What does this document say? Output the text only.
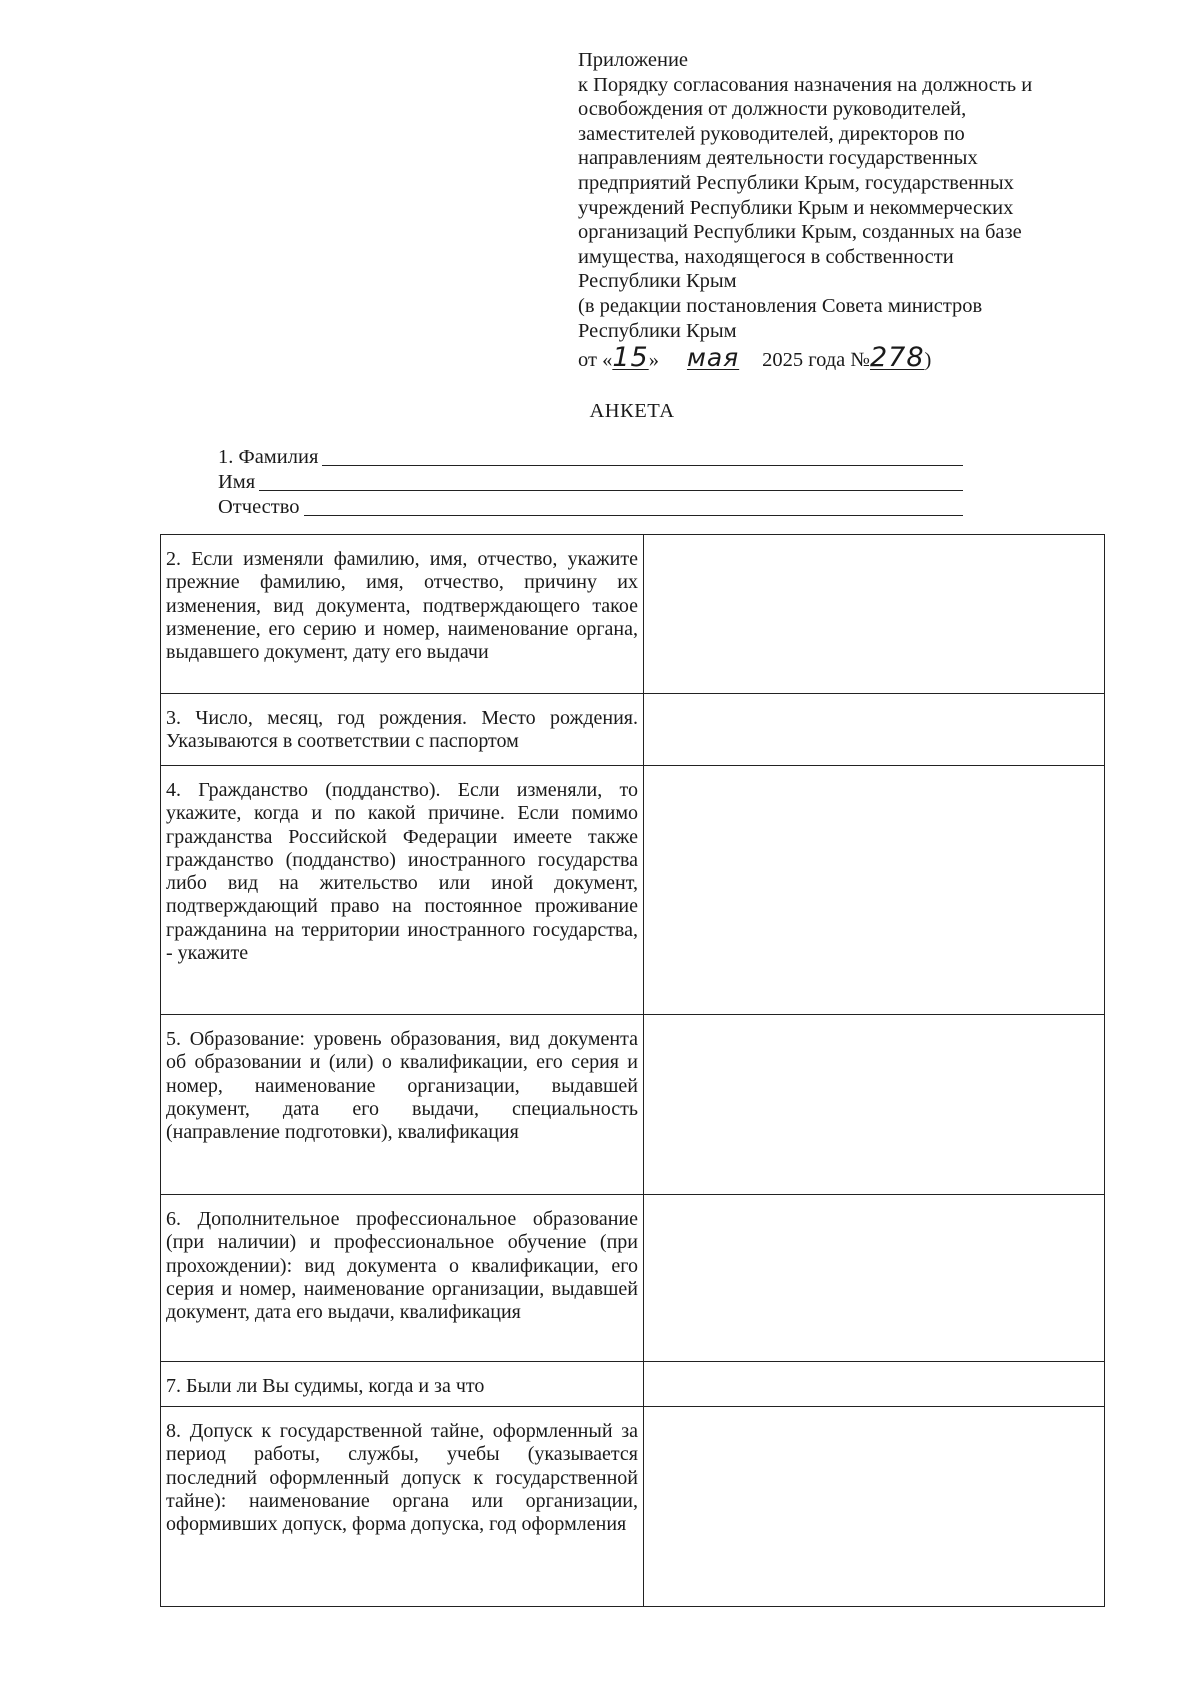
Приложение
к Порядку согласования назначения на должность и
освобождения от должности руководителей,
заместителей руководителей, директоров по
направлениям деятельности государственных
предприятий Республики Крым, государственных
учреждений Республики Крым и некоммерческих
организаций Республики Крым, созданных на базе
имущества, находящегося в собственности
Республики Крым
(в редакции постановления Совета министров
Республики Крым
от «15» мая 2025 года №278)
АНКЕТА
1. Фамилия
Имя
Отчество
2. Если изменяли фамилию, имя, отчество, укажите прежние фамилию, имя, отчество, причину их изменения, вид документа, подтверждающего такое изменение, его серию и номер, наименование органа, выдавшего документ, дату его выдачи	
3. Число, месяц, год рождения. Место рождения. Указываются в соответствии с паспортом	
4. Гражданство (подданство). Если изменяли, то укажите, когда и по какой причине. Если помимо гражданства Российской Федерации имеете также гражданство (подданство) иностранного государства либо вид на жительство или иной документ, подтверждающий право на постоянное проживание гражданина на территории иностранного государства, - укажите	
5. Образование: уровень образования, вид документа об образовании и (или) о квалификации, его серия и номер, наименование организации, выдавшей документ, дата его выдачи, специальность (направление подготовки), квалификация	
6. Дополнительное профессиональное образование (при наличии) и профессиональное обучение (при прохождении): вид документа о квалификации, его серия и номер, наименование организации, выдавшей документ, дата его выдачи, квалификация	
7. Были ли Вы судимы, когда и за что	
8. Допуск к государственной тайне, оформленный за период работы, службы, учебы (указывается последний оформленный допуск к государственной тайне): наименование органа или организации, оформивших допуск, форма допуска, год оформления	
